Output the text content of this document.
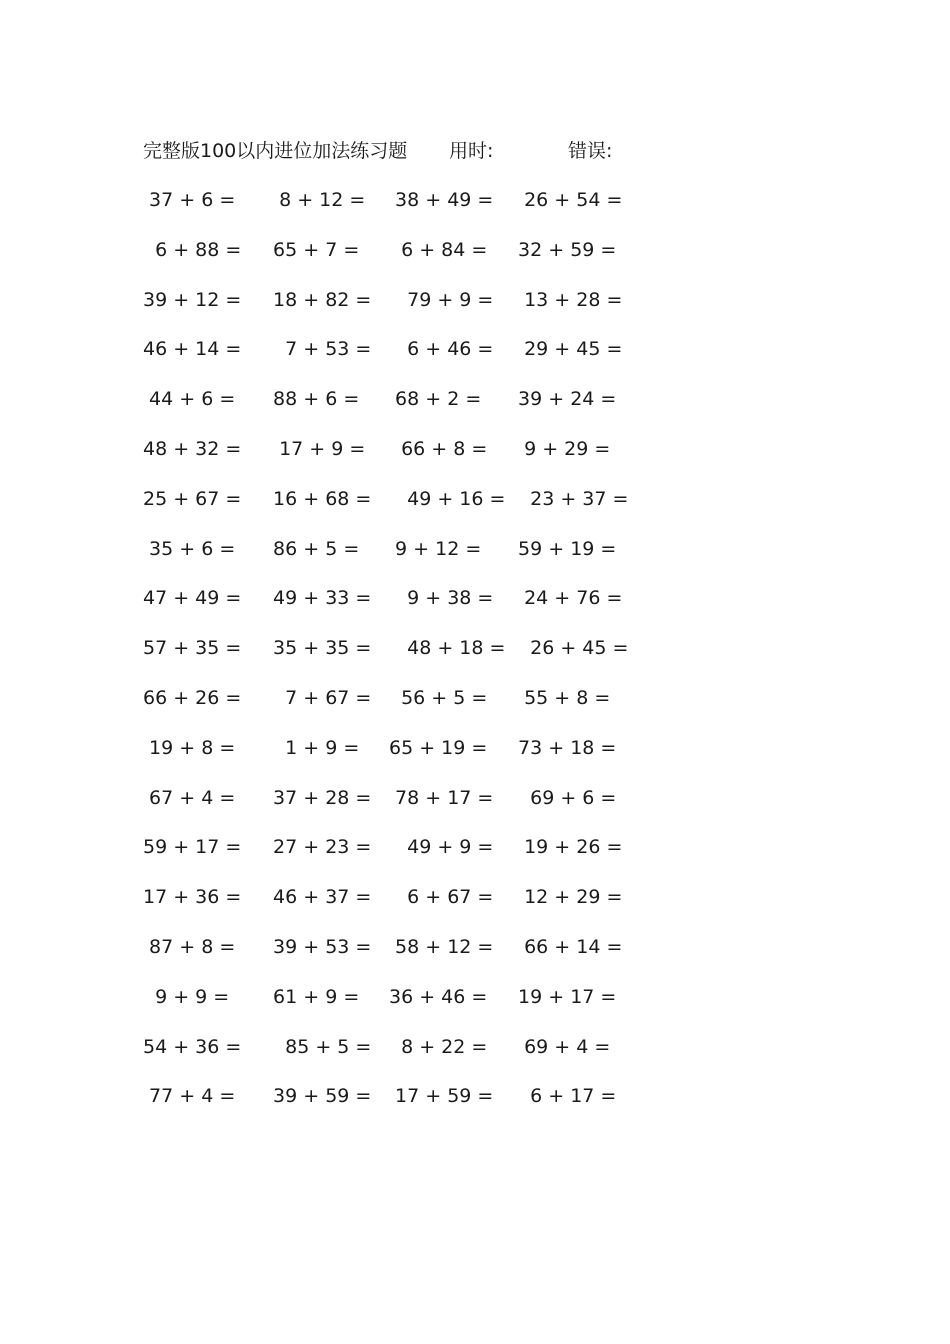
完整版100以内进位加法练习题 用时:	错误:
37 + 6 = 8 + 12 = 38 + 49 = 26 + 54 =
6 + 88 = 65 + 7 = 6 + 84 = 32 + 59 =
39 + 12 = 18 + 82 = 79 + 9 = 13 + 28 =
46 + 14 = 7 + 53 = 6 + 46 = 29 + 45 =
44 + 6 = 88 + 6 = 68 + 2 = 39 + 24 =
48 + 32 = 17 + 9 = 66 + 8 = 9 + 29 =
25 + 67 = 16 + 68 = 49 + 16 = 23 + 37 =
35 + 6 = 86 + 5 = 9 + 12 = 59 + 19 =
47 + 49 = 49 + 33 = 9 + 38 = 24 + 76 =
57 + 35 = 35 + 35 = 48 + 18 = 26 + 45 =
66 + 26 = 7 + 67 = 56 + 5 = 55 + 8 =
19 + 8 = 1 + 9 = 65 + 19 = 73 + 18 =
67 + 4 = 37 + 28 = 78 + 17 = 69 + 6 =
59 + 17 = 27 + 23 = 49 + 9 = 19 + 26 =
17 + 36 = 46 + 37 = 6 + 67 = 12 + 29 =
87 + 8 = 39 + 53 = 58 + 12 = 66 + 14 =
9 + 9 = 61 + 9 = 36 + 46 = 19 + 17 =
54 + 36 = 85 + 5 = 8 + 22 = 69 + 4 =
77 + 4 = 39 + 59 = 17 + 59 = 6 + 17 =
